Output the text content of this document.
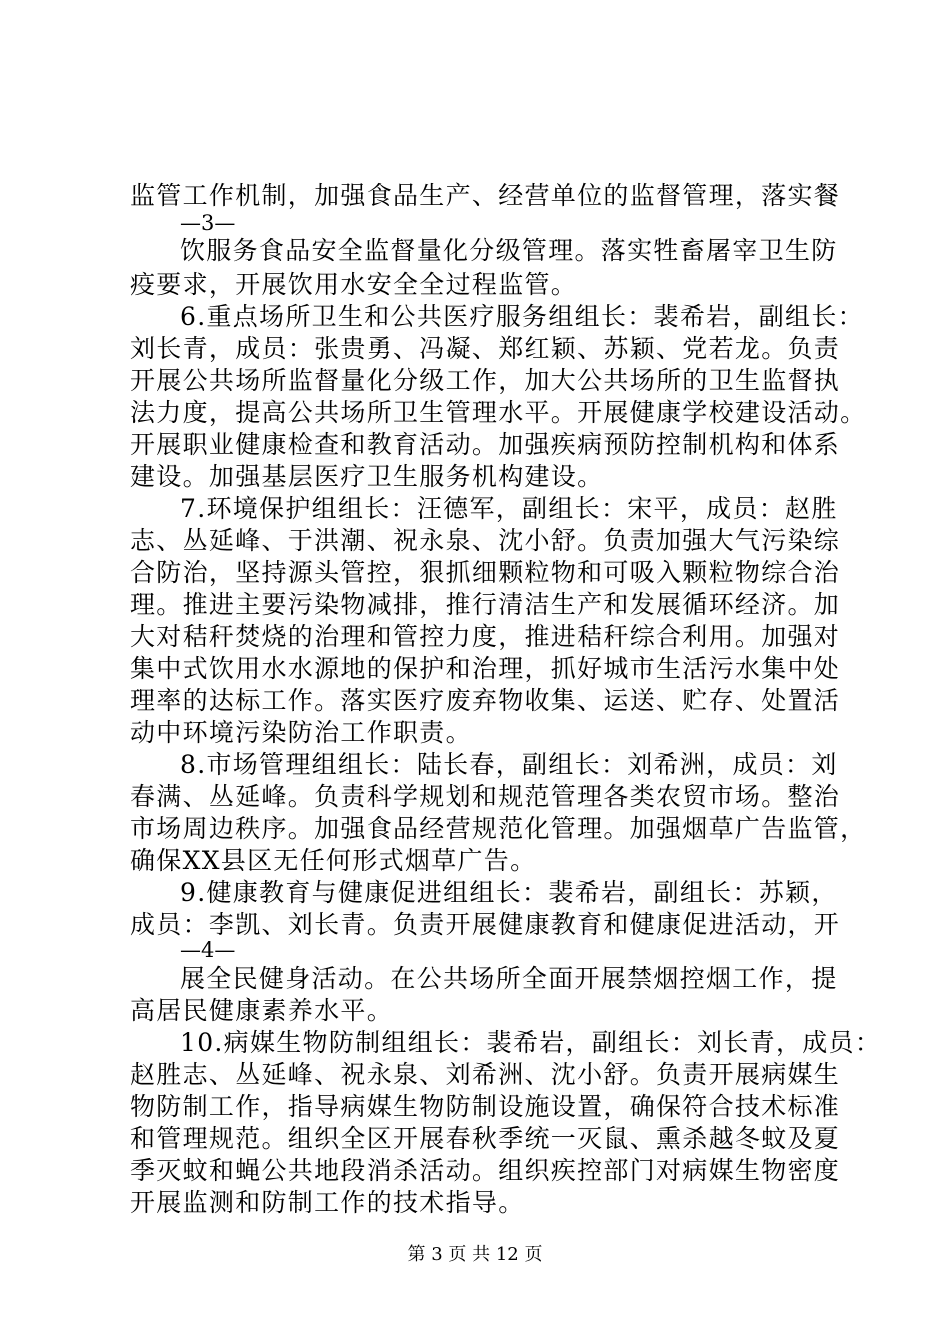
监管工作机制，加强食品生产、经营单位的监督管理，落实餐
—3—
饮服务食品安全监督量化分级管理。落实牲畜屠宰卫生防
疫要求，开展饮用水安全全过程监管。
6.重点场所卫生和公共医疗服务组组长：裴希岩，副组长：
刘长青，成员：张贵勇、冯凝、郑红颖、苏颖、党若龙。负责
开展公共场所监督量化分级工作，加大公共场所的卫生监督执
法力度，提高公共场所卫生管理水平。开展健康学校建设活动。
开展职业健康检查和教育活动。加强疾病预防控制机构和体系
建设。加强基层医疗卫生服务机构建设。
7.环境保护组组长：汪德军，副组长：宋平，成员：赵胜
志、丛延峰、于洪潮、祝永泉、沈小舒。负责加强大气污染综
合防治，坚持源头管控，狠抓细颗粒物和可吸入颗粒物综合治
理。推进主要污染物减排，推行清洁生产和发展循环经济。加
大对秸秆焚烧的治理和管控力度，推进秸秆综合利用。加强对
集中式饮用水水源地的保护和治理，抓好城市生活污水集中处
理率的达标工作。落实医疗废弃物收集、运送、贮存、处置活
动中环境污染防治工作职责。
8.市场管理组组长：陆长春，副组长：刘希洲，成员：刘
春满、丛延峰。负责科学规划和规范管理各类农贸市场。整治
市场周边秩序。加强食品经营规范化管理。加强烟草广告监管，
确保XX县区无任何形式烟草广告。
9.健康教育与健康促进组组长：裴希岩，副组长：苏颖，
成员：李凯、刘长青。负责开展健康教育和健康促进活动，开
—4—
展全民健身活动。在公共场所全面开展禁烟控烟工作，提
高居民健康素养水平。
10.病媒生物防制组组长：裴希岩，副组长：刘长青，成员：
赵胜志、丛延峰、祝永泉、刘希洲、沈小舒。负责开展病媒生
物防制工作，指导病媒生物防制设施设置，确保符合技术标准
和管理规范。组织全区开展春秋季统一灭鼠、熏杀越冬蚊及夏
季灭蚊和蝇公共地段消杀活动。组织疾控部门对病媒生物密度
开展监测和防制工作的技术指导。
第 3 页 共 12 页
